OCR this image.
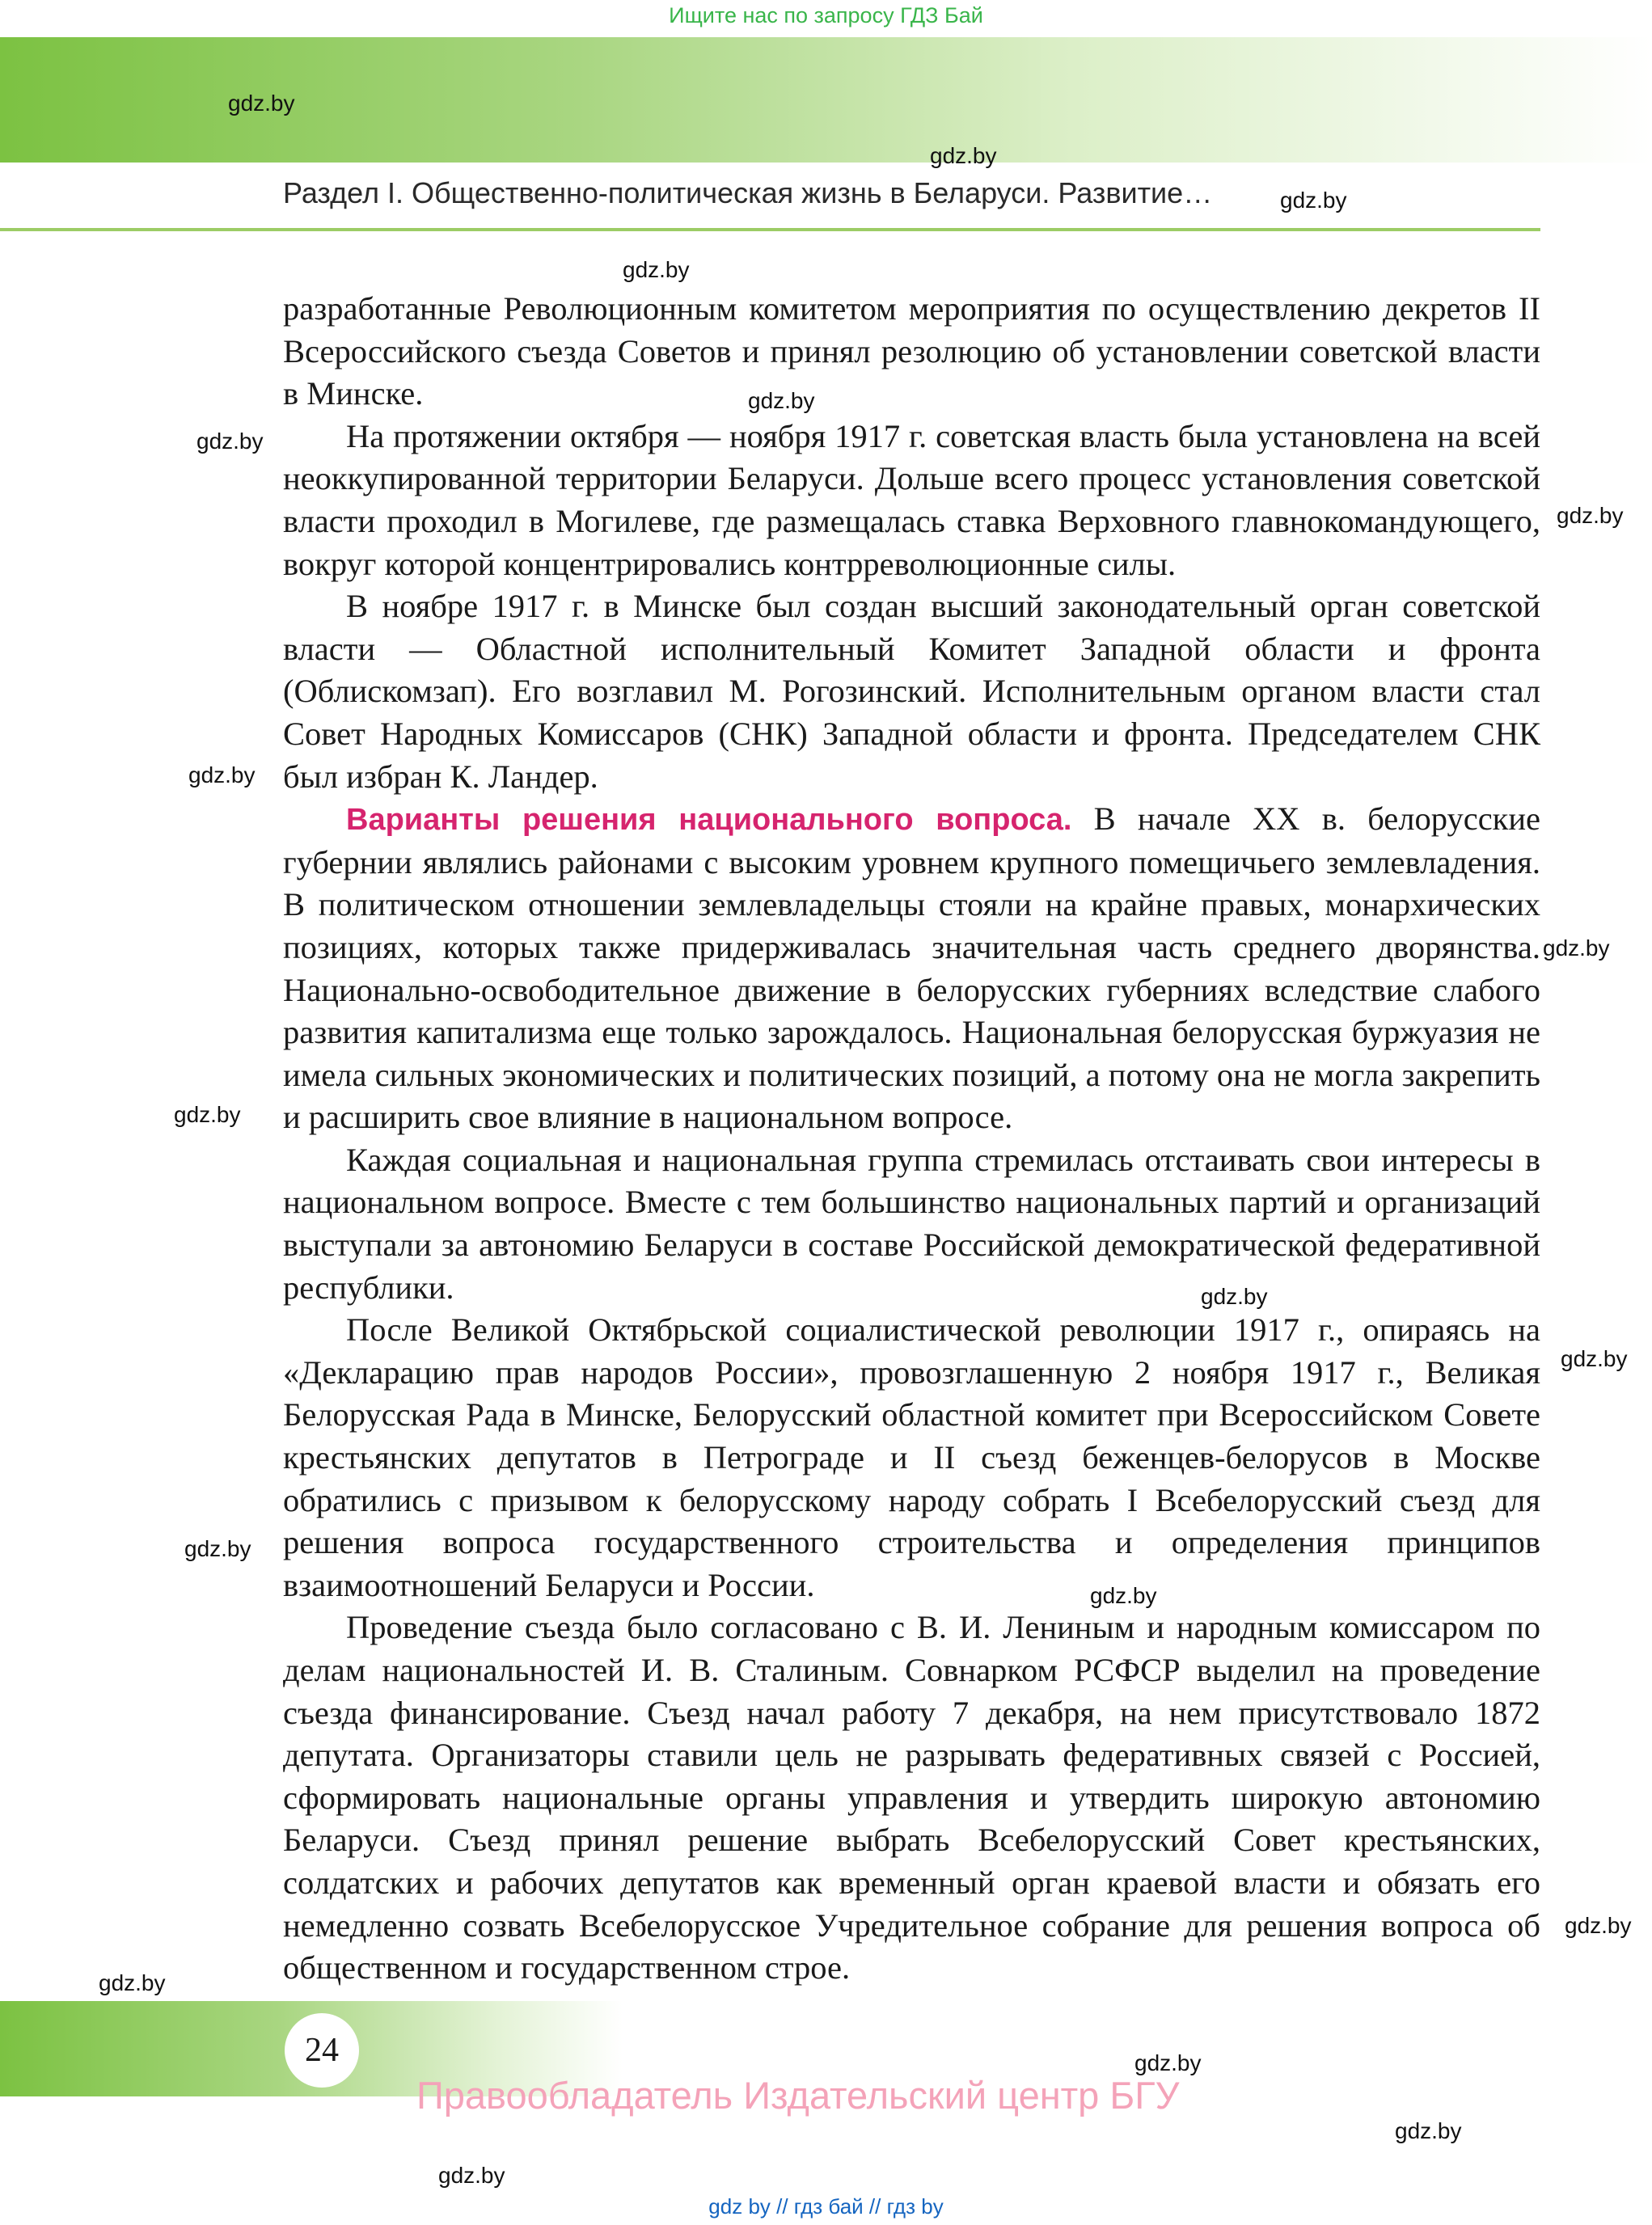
Ищите нас по запросу ГДЗ Бай
Раздел I. Общественно-политическая жизнь в Беларуси. Развитие…
gdz.by
gdz.by
gdz.by
gdz.by
gdz.by
gdz.by
gdz.by
gdz.by
gdz.by
gdz.by
gdz.by
gdz.by
gdz.by
gdz.by
gdz.by
gdz.by
gdz.by
gdz.by
gdz.by

разработанные Революционным комитетом мероприятия по осуществлению декретов II Всероссийского съезда Советов и принял резолюцию об установлении советской власти в Минске.

На протяжении октября — ноября 1917 г. советская власть была установлена на всей неоккупированной территории Беларуси. Дольше всего процесс установления советской власти проходил в Могилеве, где размещалась ставка Верховного главнокомандующего, вокруг которой концентрировались контрреволюционные силы.

В ноябре 1917 г. в Минске был создан высший законодательный орган советской власти — Областной исполнительный Комитет Западной области и фронта (Облискомзап). Его возглавил М. Рогозинский. Исполнительным органом власти стал Совет Народных Комиссаров (СНК) Западной области и фронта. Председателем СНК был избран К. Ландер.

Варианты решения национального вопроса. В начале ХХ в. белорусские губернии являлись районами с высоким уровнем крупного помещичьего землевладения. В политическом отношении землевладельцы стояли на крайне правых, монархических позициях, которых также придерживалась значительная часть среднего дворянства. Национально-освободительное движение в белорусских губерниях вследствие слабого развития капитализма еще только зарождалось. Национальная белорусская буржуазия не имела сильных экономических и политических позиций, а потому она не могла закрепить и расширить свое влияние в национальном вопросе.

Каждая социальная и национальная группа стремилась отстаивать свои интересы в национальном вопросе. Вместе с тем большинство национальных партий и организаций выступали за автономию Беларуси в составе Российской демократической федеративной республики.

После Великой Октябрьской социалистической революции 1917 г., опираясь на «Декларацию прав народов России», провозглашенную 2 ноября 1917 г., Великая Белорусская Рада в Минске, Белорусский областной комитет при Всероссийском Совете крестьянских депутатов в Петрограде и II съезд беженцев-белорусов в Москве обратились с призывом к белорусскому народу собрать I Всебелорусский съезд для решения вопроса государственного строительства и определения принципов взаимоотношений Беларуси и России.

Проведение съезда было согласовано с В. И. Лениным и народным комиссаром по делам национальностей И. В. Сталиным. Совнарком РСФСР выделил на проведение съезда финансирование. Съезд начал работу 7 декабря, на нем присутствовало 1872 депутата. Организаторы ставили цель не разрывать федеративных связей с Россией, сформировать национальные органы управления и утвердить широкую автономию Беларуси. Съезд принял решение выбрать Всебелорусский Совет крестьянских, солдатских и рабочих депутатов как временный орган краевой власти и обязать его немедленно созвать Всебелорусское Учредительное собрание для решения вопроса об общественном и государственном строе.

24
Правообладатель Издательский центр БГУ
gdz by // гдз бай // гдз by
